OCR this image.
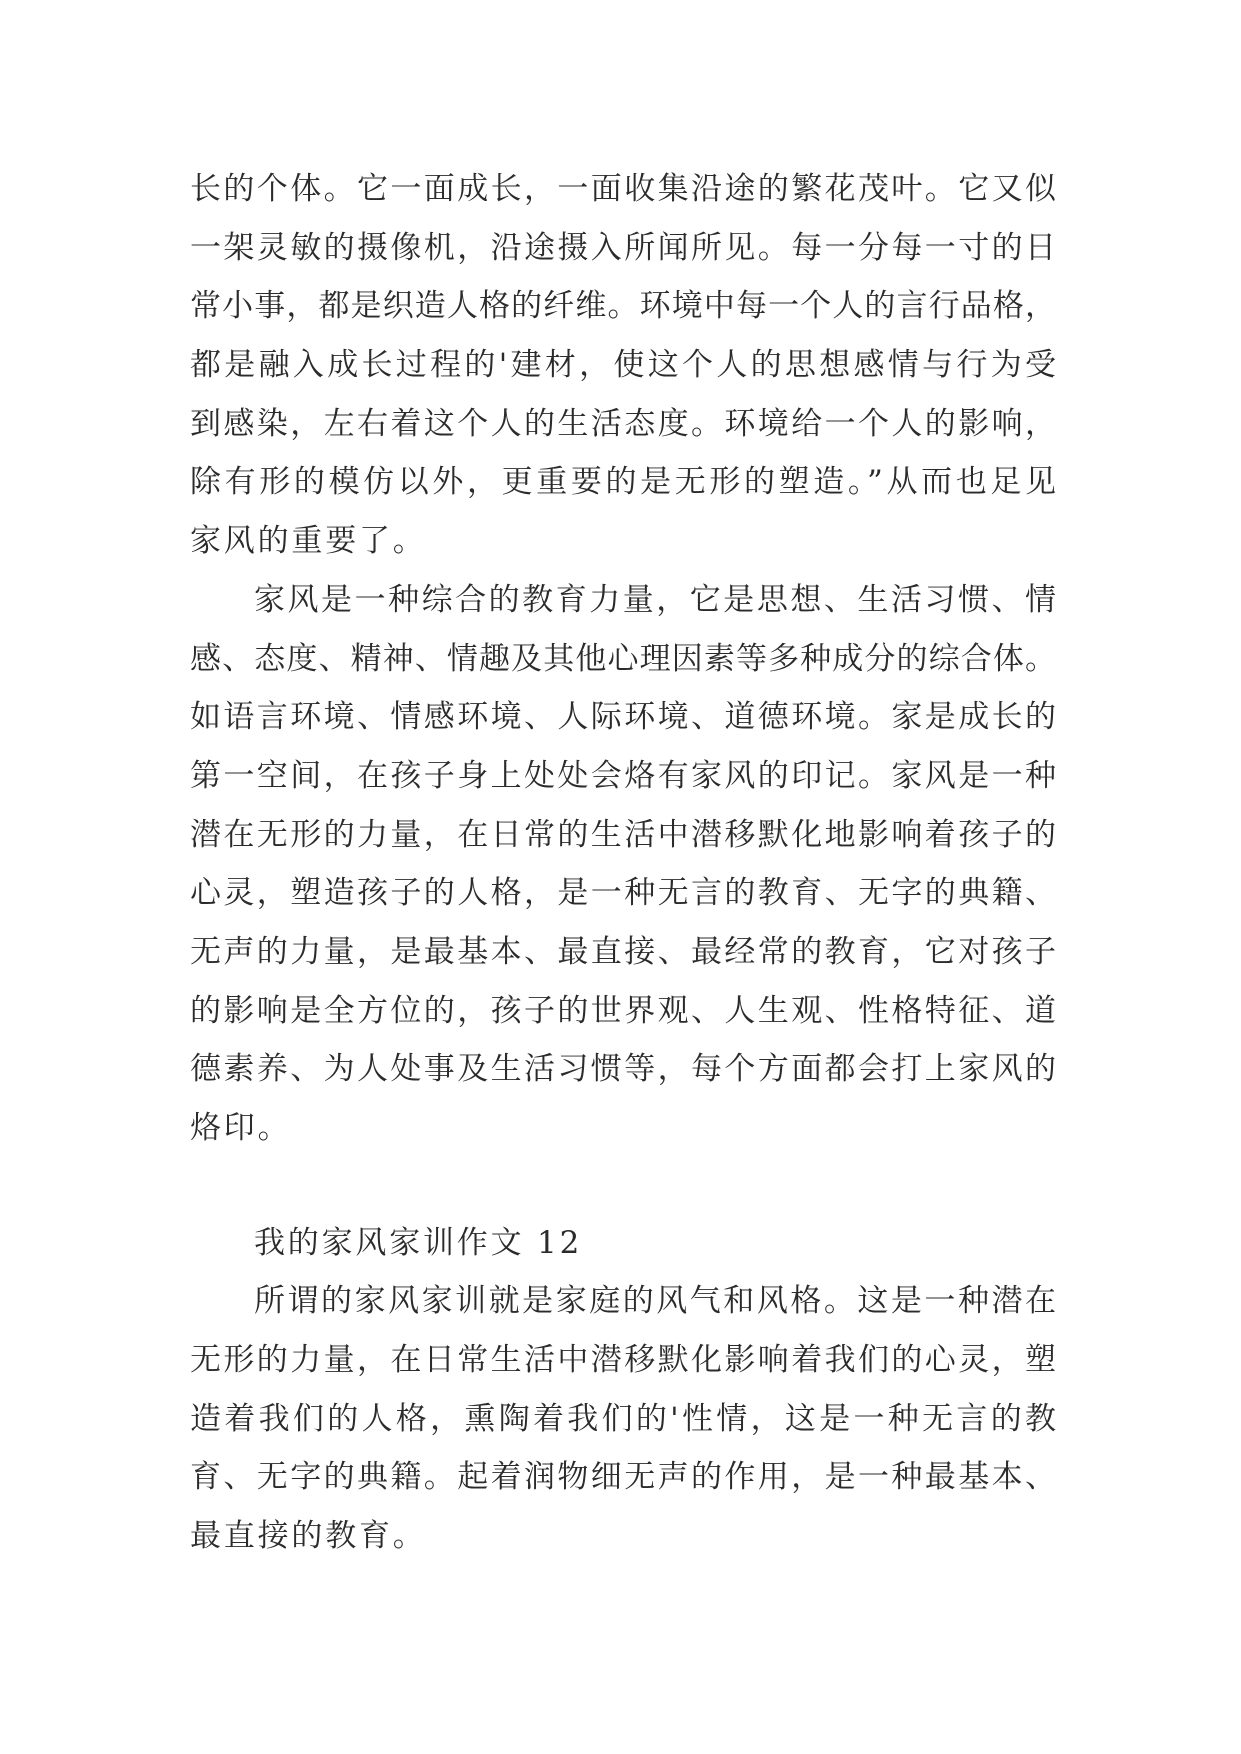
长的个体。它一面成长，一面收集沿途的繁花茂叶。它又似
一架灵敏的摄像机，沿途摄入所闻所见。每一分每一寸的日
常小事，都是织造人格的纤维。环境中每一个人的言行品格，
都是融入成长过程的'建材，使这个人的思想感情与行为受
到感染，左右着这个人的生活态度。环境给一个人的影响，
除有形的模仿以外，更重要的是无形的塑造。”从而也足见
家风的重要了。
家风是一种综合的教育力量，它是思想、生活习惯、情
感、态度、精神、情趣及其他心理因素等多种成分的综合体。
如语言环境、情感环境、人际环境、道德环境。家是成长的
第一空间，在孩子身上处处会烙有家风的印记。家风是一种
潜在无形的力量，在日常的生活中潜移默化地影响着孩子的
心灵，塑造孩子的人格，是一种无言的教育、无字的典籍、
无声的力量，是最基本、最直接、最经常的教育，它对孩子
的影响是全方位的，孩子的世界观、人生观、性格特征、道
德素养、为人处事及生活习惯等，每个方面都会打上家风的
烙印。
我的家风家训作文 12
所谓的家风家训就是家庭的风气和风格。这是一种潜在
无形的力量，在日常生活中潜移默化影响着我们的心灵，塑
造着我们的人格，熏陶着我们的'性情，这是一种无言的教
育、无字的典籍。起着润物细无声的作用，是一种最基本、
最直接的教育。
